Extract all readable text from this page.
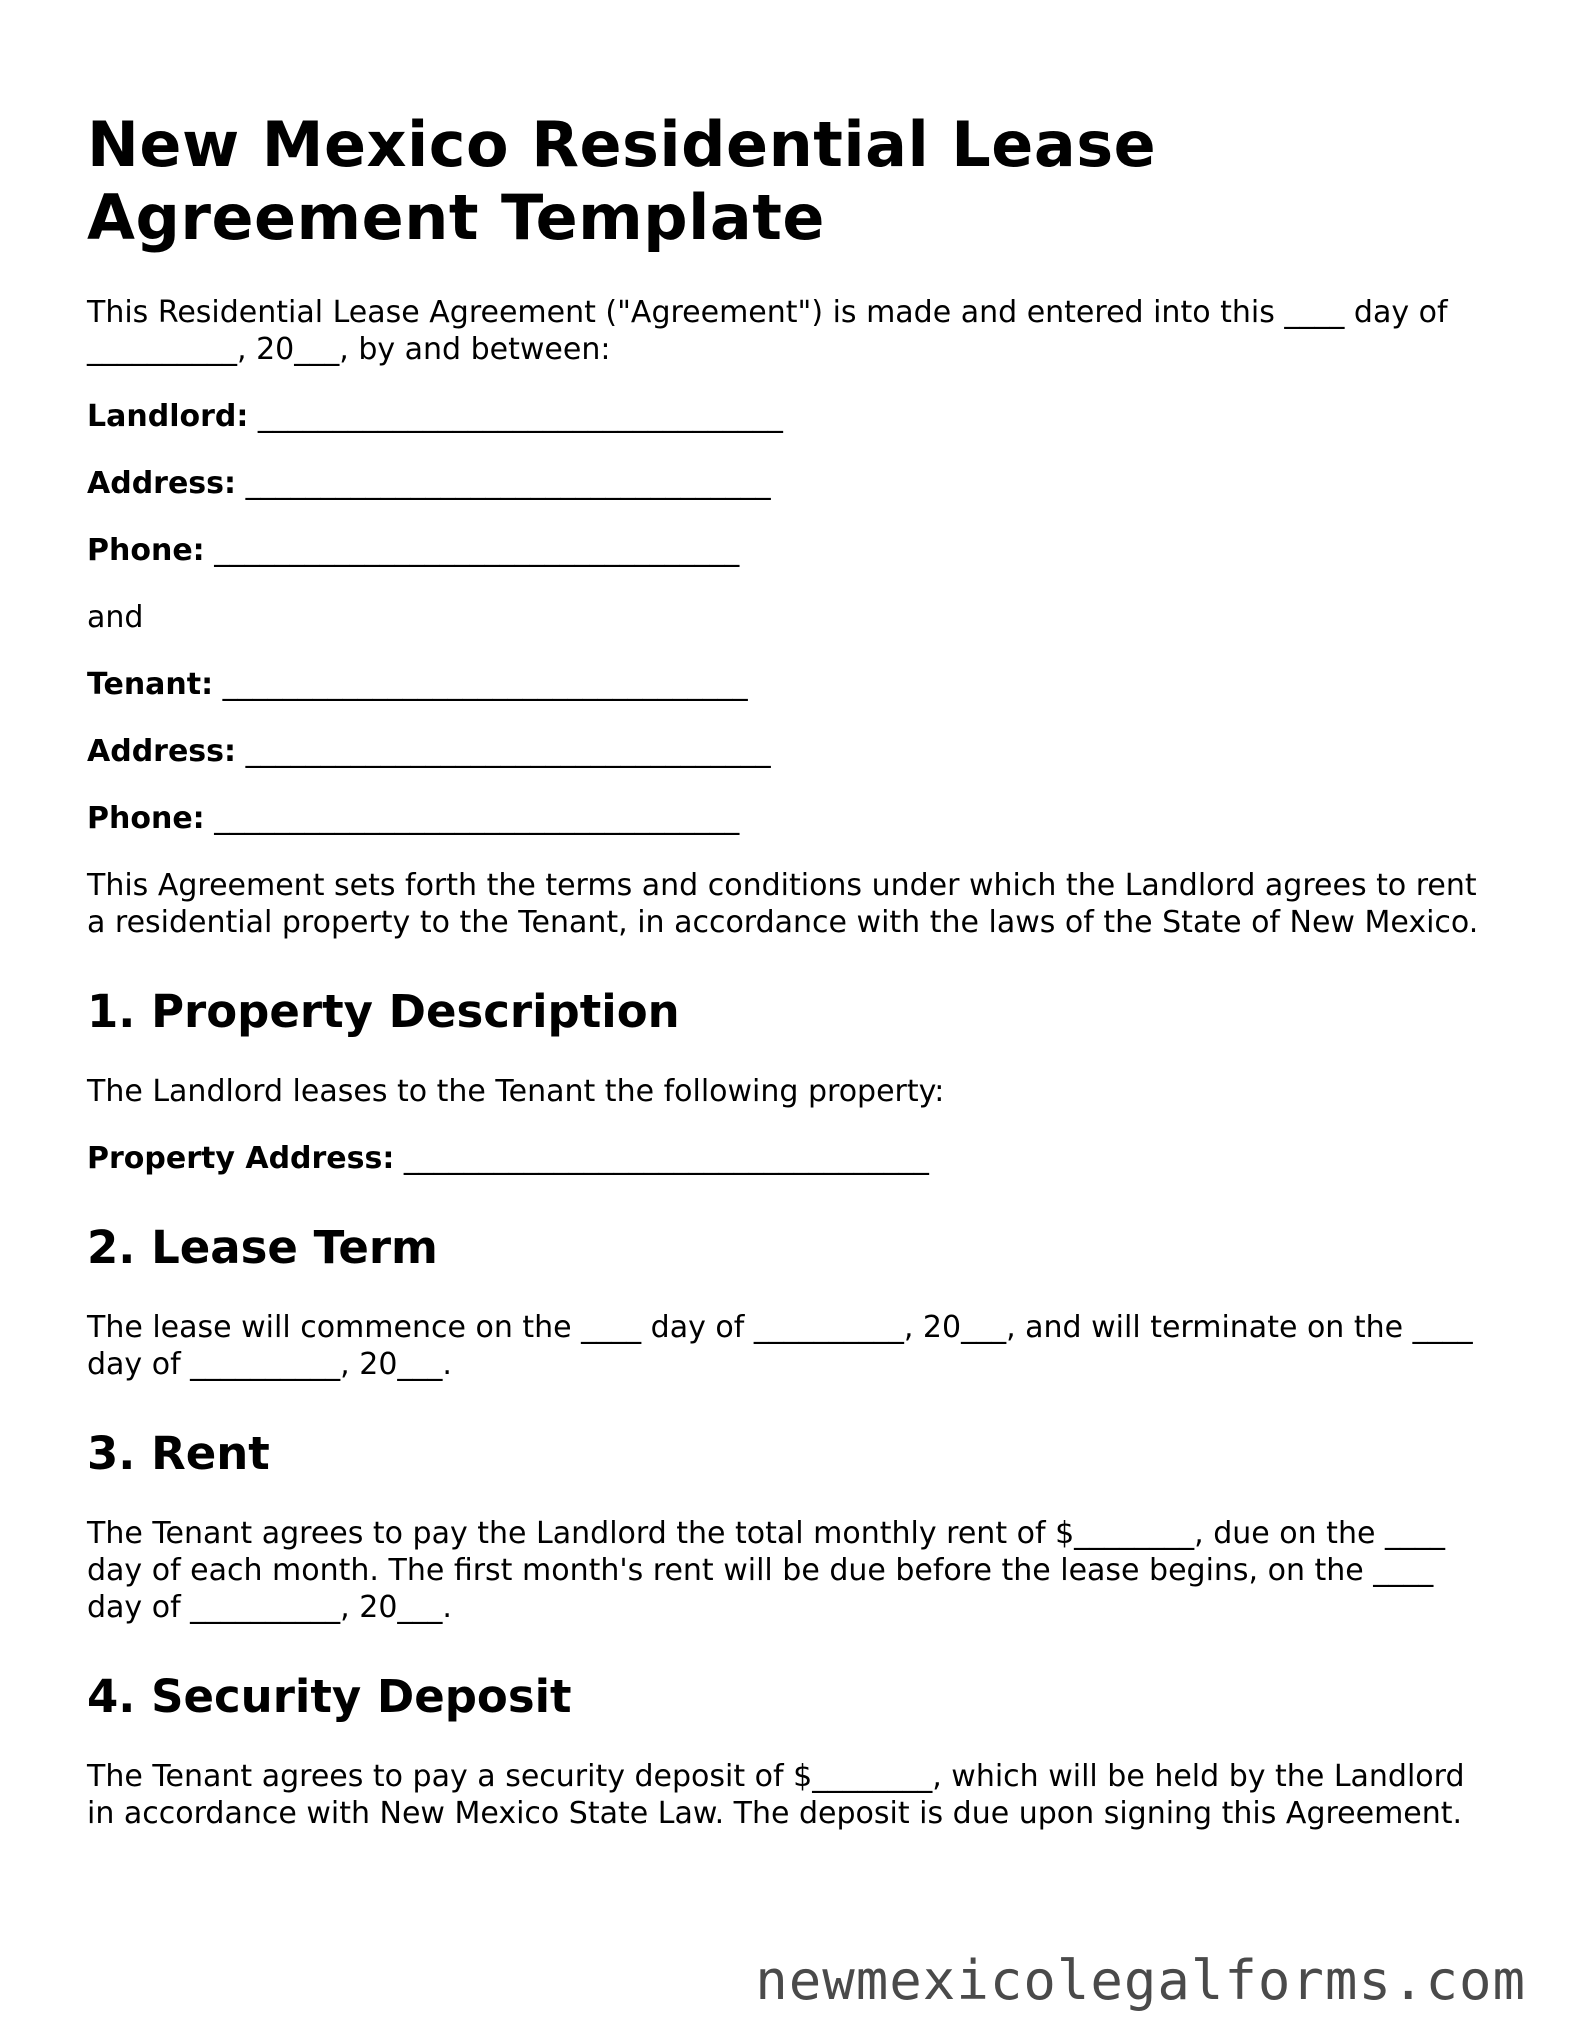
New Mexico Residential Lease Agreement Template

This Residential Lease Agreement ("Agreement") is made and entered into this ____ day of __________, 20___, by and between:

Landlord: ___________________________________
Address: ___________________________________
Phone: ___________________________________

and

Tenant: ___________________________________
Address: ___________________________________
Phone: ___________________________________

This Agreement sets forth the terms and conditions under which the Landlord agrees to rent a residential property to the Tenant, in accordance with the laws of the State of New Mexico.

1. Property Description

The Landlord leases to the Tenant the following property:

Property Address: ___________________________________
2. Lease Term

The lease will commence on the ____ day of __________, 20___, and will terminate on the ____ day of __________, 20___.

3. Rent

The Tenant agrees to pay the Landlord the total monthly rent of $________, due on the ____ day of each month. The first month's rent will be due before the lease begins, on the ____ day of __________, 20___.

4. Security Deposit

The Tenant agrees to pay a security deposit of $________, which will be held by the Landlord in accordance with New Mexico State Law. The deposit is due upon signing this Agreement.

newmexicolegalforms.com
